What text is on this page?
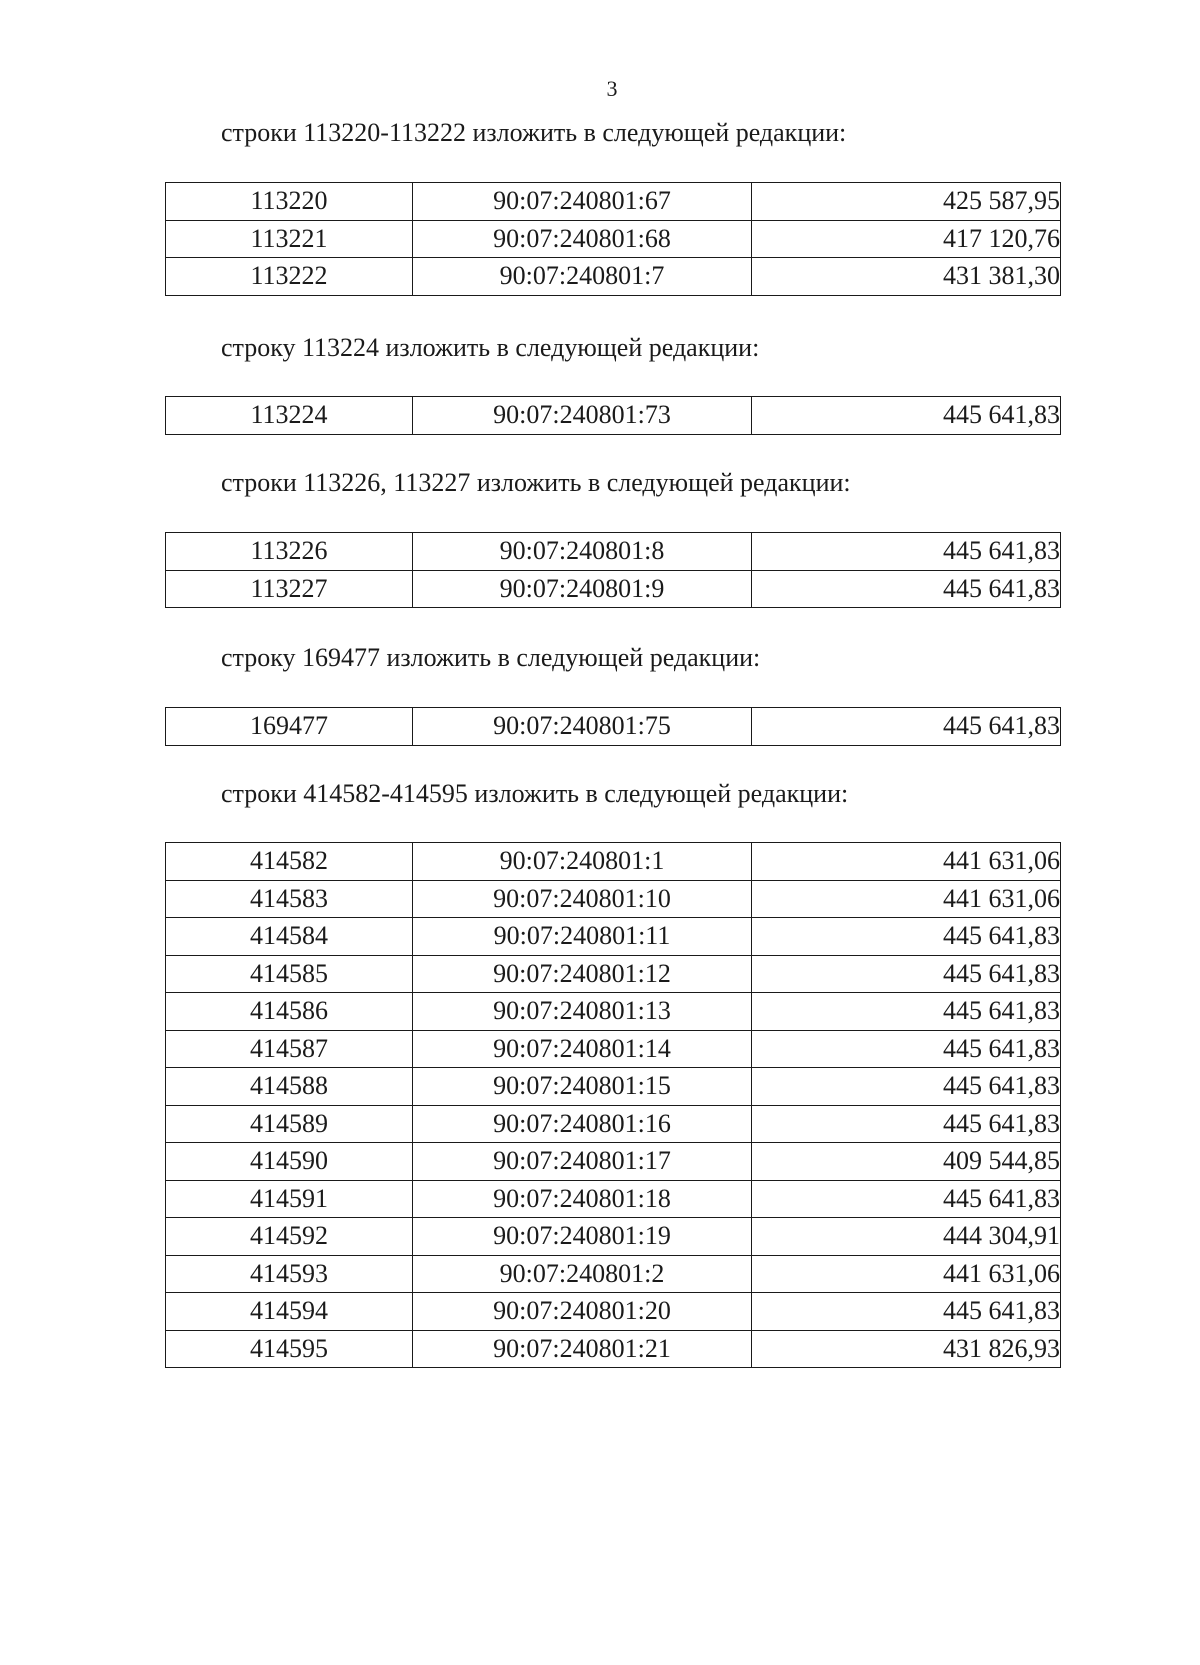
3
строки 113220-113222 изложить в следующей редакции:
113220	90:07:240801:67	425 587,95
113221	90:07:240801:68	417 120,76
113222	90:07:240801:7	431 381,30
строку 113224 изложить в следующей редакции:
113224	90:07:240801:73	445 641,83
строки 113226, 113227 изложить в следующей редакции:
113226	90:07:240801:8	445 641,83
113227	90:07:240801:9	445 641,83
строку 169477 изложить в следующей редакции:
169477	90:07:240801:75	445 641,83
строки 414582-414595 изложить в следующей редакции:
414582	90:07:240801:1	441 631,06
414583	90:07:240801:10	441 631,06
414584	90:07:240801:11	445 641,83
414585	90:07:240801:12	445 641,83
414586	90:07:240801:13	445 641,83
414587	90:07:240801:14	445 641,83
414588	90:07:240801:15	445 641,83
414589	90:07:240801:16	445 641,83
414590	90:07:240801:17	409 544,85
414591	90:07:240801:18	445 641,83
414592	90:07:240801:19	444 304,91
414593	90:07:240801:2	441 631,06
414594	90:07:240801:20	445 641,83
414595	90:07:240801:21	431 826,93
